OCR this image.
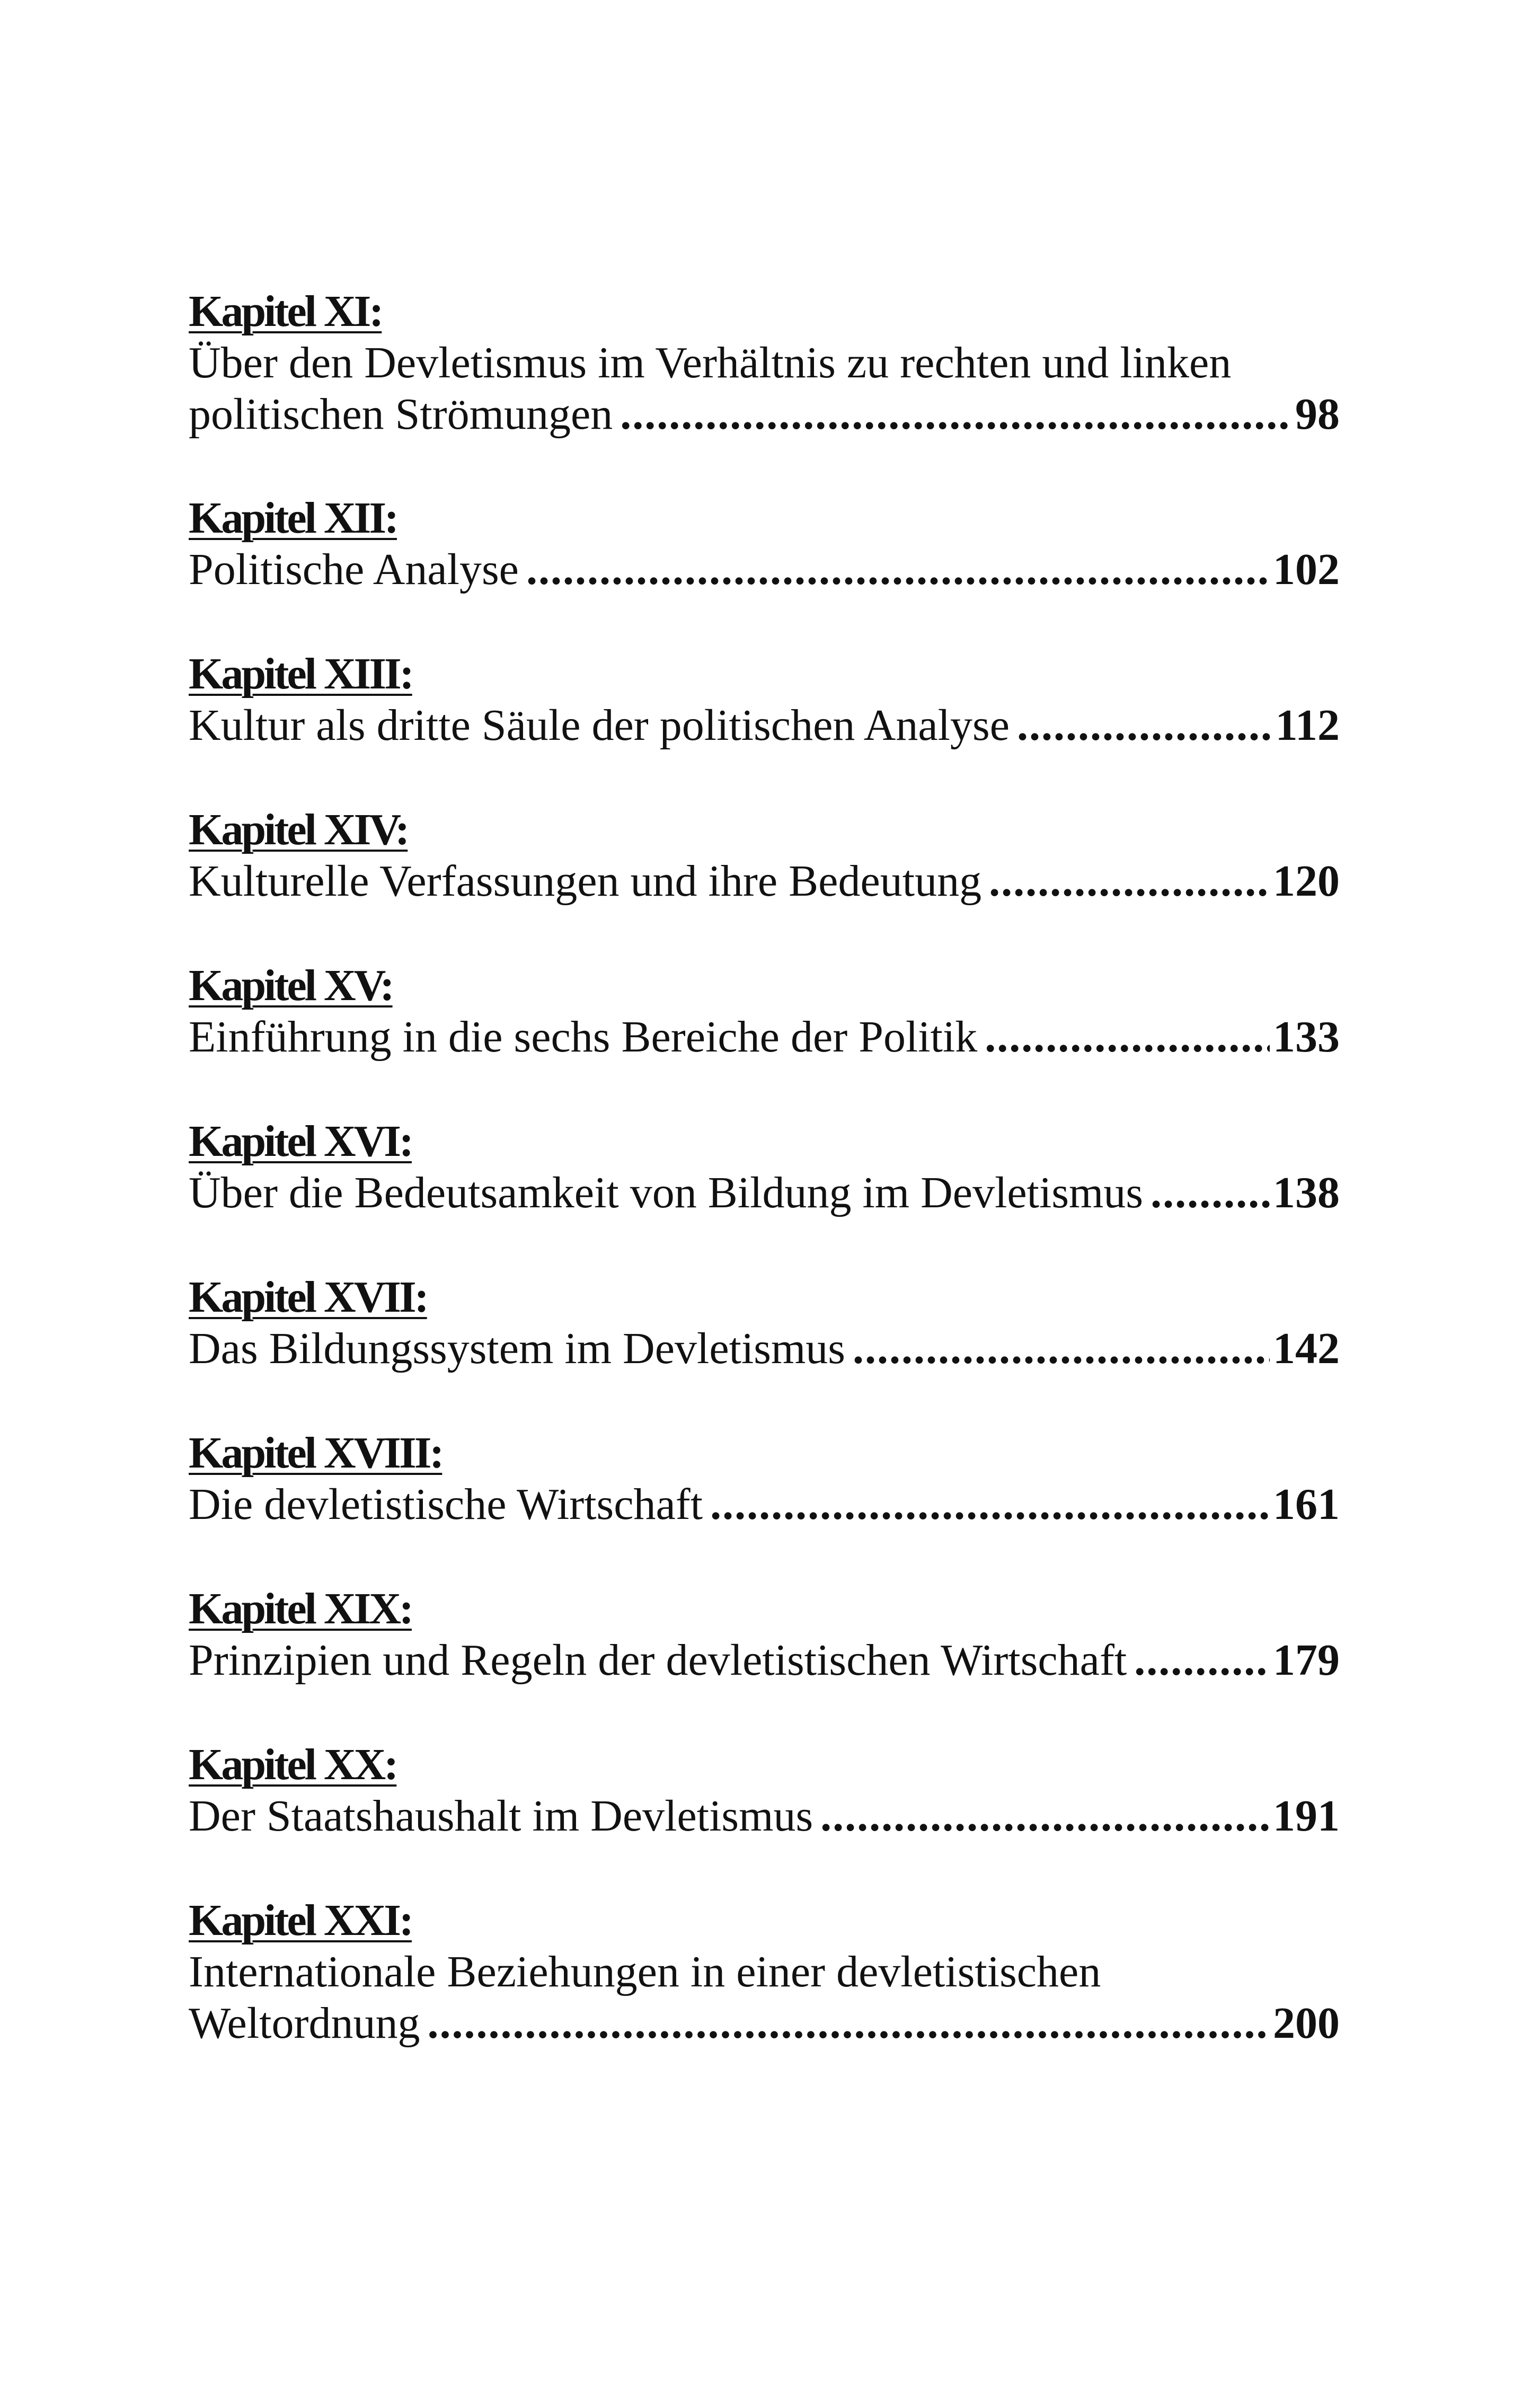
Kapitel XI:
Über den Devletismus im Verhältnis zu rechten und linken
politischen Strömungen .....	98
Kapitel XII:
Politische Analyse .....	102
Kapitel XIII:
Kultur als dritte Säule der politischen Analyse .....	112
Kapitel XIV:
Kulturelle Verfassungen und ihre Bedeutung .....	120
Kapitel XV:
Einführung in die sechs Bereiche der Politik .....	133
Kapitel XVI:
Über die Bedeutsamkeit von Bildung im Devletismus .....	138
Kapitel XVII:
Das Bildungssystem im Devletismus .....	142
Kapitel XVIII:
Die devletistische Wirtschaft .....	161
Kapitel XIX:
Prinzipien und Regeln der devletistischen Wirtschaft .....	179
Kapitel XX:
Der Staatshaushalt im Devletismus .....	191
Kapitel XXI:
Internationale Beziehungen in einer devletistischen
Weltordnung .....	200
